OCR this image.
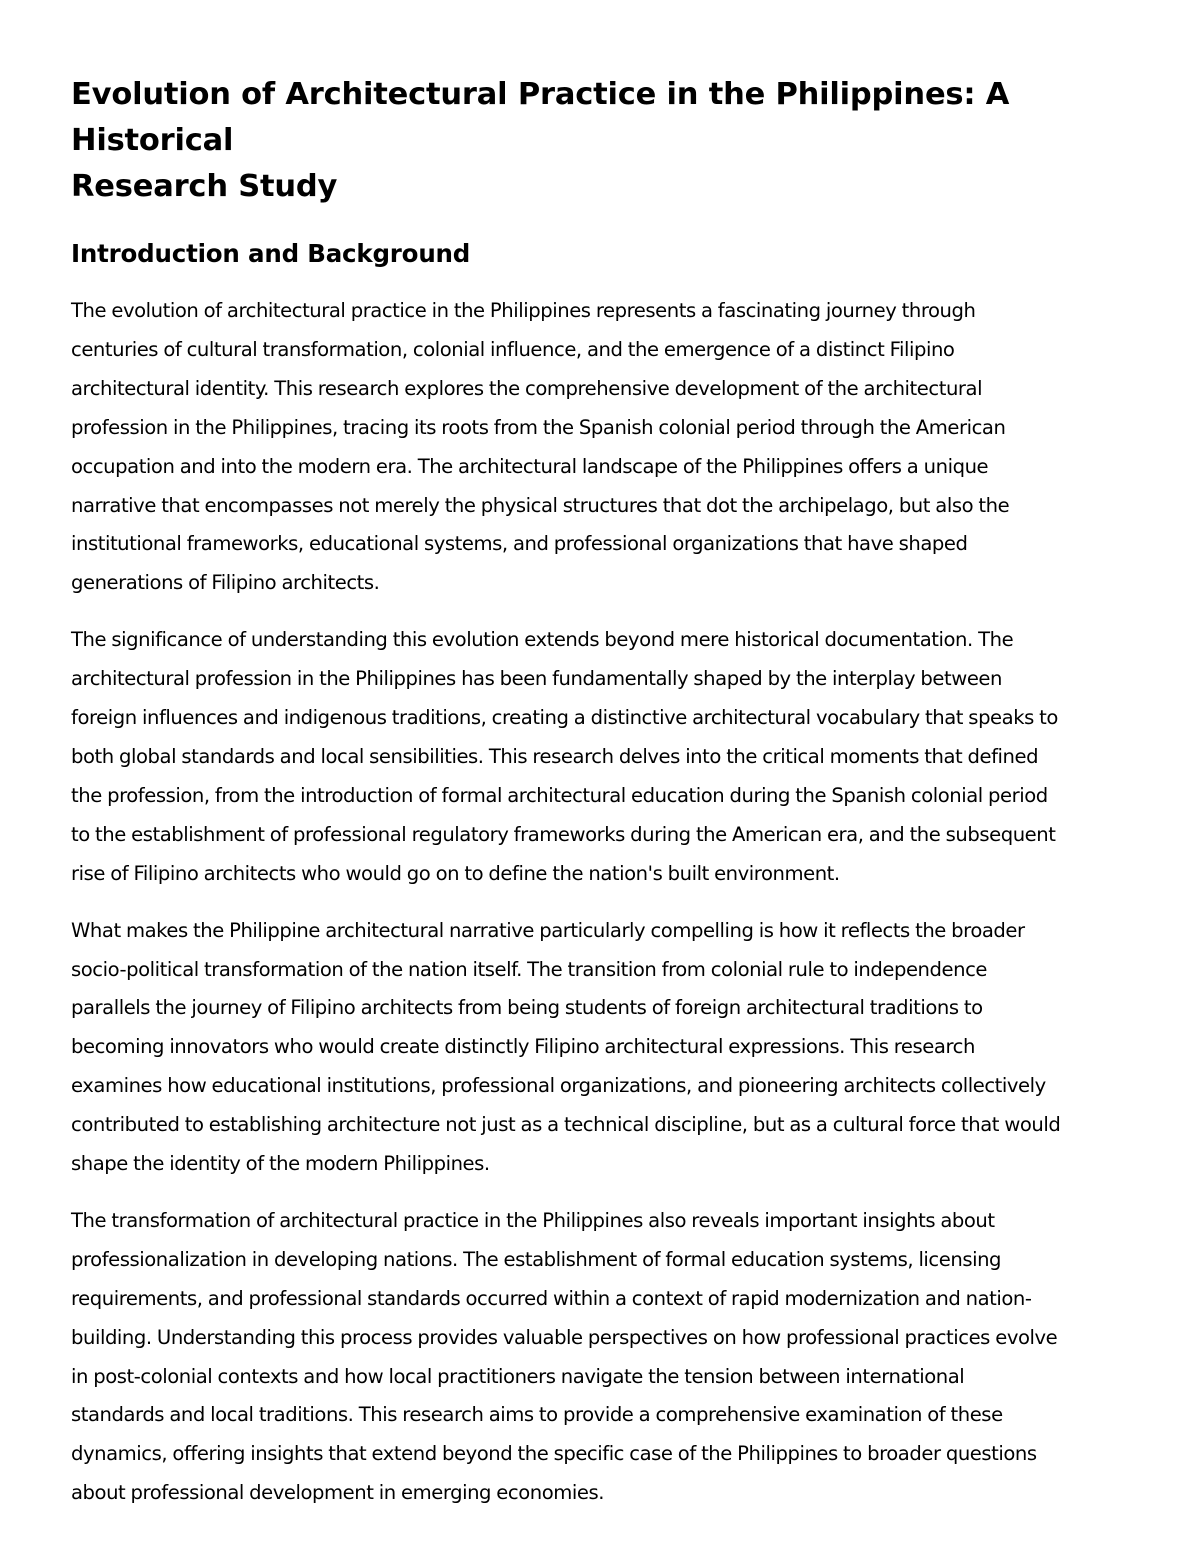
Evolution of Architectural Practice in the Philippines: A Historical
Research Study
Introduction and Background

The evolution of architectural practice in the Philippines represents a fascinating journey through
centuries of cultural transformation, colonial influence, and the emergence of a distinct Filipino
architectural identity. This research explores the comprehensive development of the architectural
profession in the Philippines, tracing its roots from the Spanish colonial period through the American
occupation and into the modern era. The architectural landscape of the Philippines offers a unique
narrative that encompasses not merely the physical structures that dot the archipelago, but also the
institutional frameworks, educational systems, and professional organizations that have shaped
generations of Filipino architects.

The significance of understanding this evolution extends beyond mere historical documentation. The
architectural profession in the Philippines has been fundamentally shaped by the interplay between
foreign influences and indigenous traditions, creating a distinctive architectural vocabulary that speaks to
both global standards and local sensibilities. This research delves into the critical moments that defined
the profession, from the introduction of formal architectural education during the Spanish colonial period
to the establishment of professional regulatory frameworks during the American era, and the subsequent
rise of Filipino architects who would go on to define the nation's built environment.

What makes the Philippine architectural narrative particularly compelling is how it reflects the broader
socio-political transformation of the nation itself. The transition from colonial rule to independence
parallels the journey of Filipino architects from being students of foreign architectural traditions to
becoming innovators who would create distinctly Filipino architectural expressions. This research
examines how educational institutions, professional organizations, and pioneering architects collectively
contributed to establishing architecture not just as a technical discipline, but as a cultural force that would
shape the identity of the modern Philippines.

The transformation of architectural practice in the Philippines also reveals important insights about
professionalization in developing nations. The establishment of formal education systems, licensing
requirements, and professional standards occurred within a context of rapid modernization and nation-
building. Understanding this process provides valuable perspectives on how professional practices evolve
in post-colonial contexts and how local practitioners navigate the tension between international
standards and local traditions. This research aims to provide a comprehensive examination of these
dynamics, offering insights that extend beyond the specific case of the Philippines to broader questions
about professional development in emerging economies.
